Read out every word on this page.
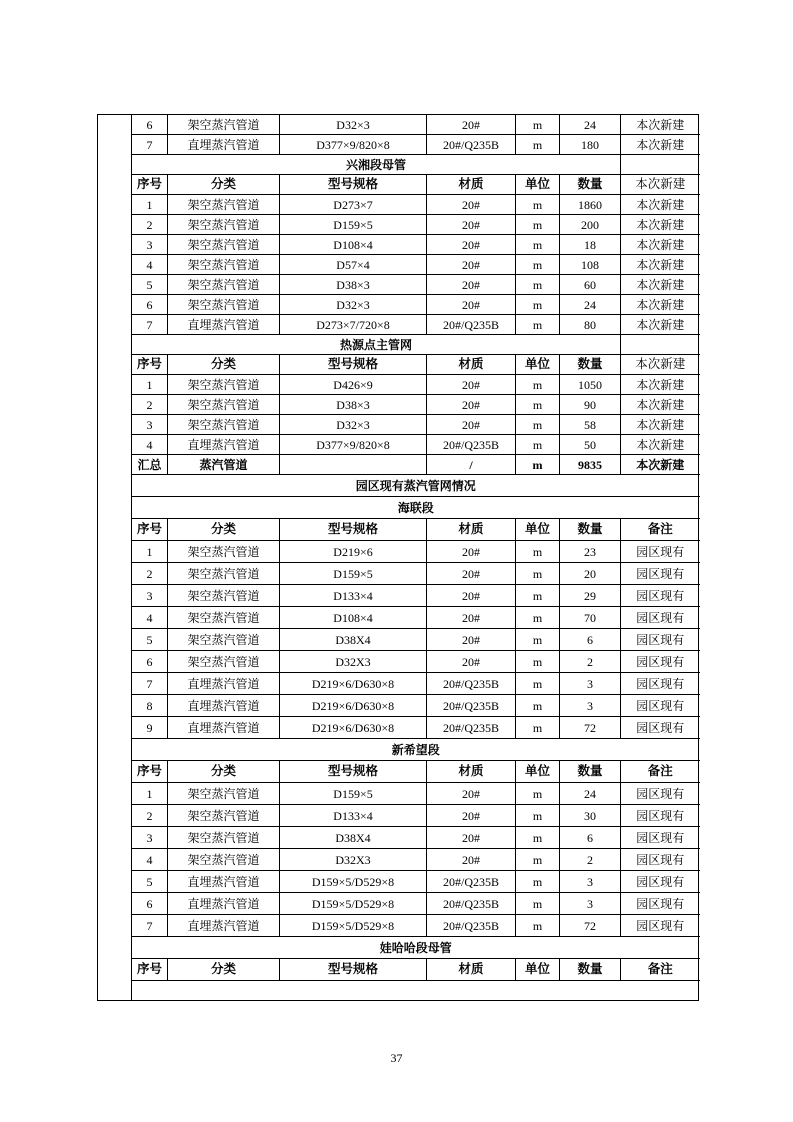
6	架空蒸汽管道	D32×3	20#	m	24	本次新建
7	直埋蒸汽管道	D377×9/820×8	20#/Q235B	m	180	本次新建
兴湘段母管						
序号	分类	型号规格	材质	单位	数量	本次新建
1	架空蒸汽管道	D273×7	20#	m	1860	本次新建
2	架空蒸汽管道	D159×5	20#	m	200	本次新建
3	架空蒸汽管道	D108×4	20#	m	18	本次新建
4	架空蒸汽管道	D57×4	20#	m	108	本次新建
5	架空蒸汽管道	D38×3	20#	m	60	本次新建
6	架空蒸汽管道	D32×3	20#	m	24	本次新建
7	直埋蒸汽管道	D273×7/720×8	20#/Q235B	m	80	本次新建
热源点主管网						
序号	分类	型号规格	材质	单位	数量	本次新建
1	架空蒸汽管道	D426×9	20#	m	1050	本次新建
2	架空蒸汽管道	D38×3	20#	m	90	本次新建
3	架空蒸汽管道	D32×3	20#	m	58	本次新建
4	直埋蒸汽管道	D377×9/820×8	20#/Q235B	m	50	本次新建
汇总	蒸汽管道		/	m	9835	本次新建
园区现有蒸汽管网情况						
海联段						
序号	分类	型号规格	材质	单位	数量	备注
1	架空蒸汽管道	D219×6	20#	m	23	园区现有
2	架空蒸汽管道	D159×5	20#	m	20	园区现有
3	架空蒸汽管道	D133×4	20#	m	29	园区现有
4	架空蒸汽管道	D108×4	20#	m	70	园区现有
5	架空蒸汽管道	D38X4	20#	m	6	园区现有
6	架空蒸汽管道	D32X3	20#	m	2	园区现有
7	直埋蒸汽管道	D219×6/D630×8	20#/Q235B	m	3	园区现有
8	直埋蒸汽管道	D219×6/D630×8	20#/Q235B	m	3	园区现有
9	直埋蒸汽管道	D219×6/D630×8	20#/Q235B	m	72	园区现有
新希望段						
序号	分类	型号规格	材质	单位	数量	备注
1	架空蒸汽管道	D159×5	20#	m	24	园区现有
2	架空蒸汽管道	D133×4	20#	m	30	园区现有
3	架空蒸汽管道	D38X4	20#	m	6	园区现有
4	架空蒸汽管道	D32X3	20#	m	2	园区现有
5	直埋蒸汽管道	D159×5/D529×8	20#/Q235B	m	3	园区现有
6	直埋蒸汽管道	D159×5/D529×8	20#/Q235B	m	3	园区现有
7	直埋蒸汽管道	D159×5/D529×8	20#/Q235B	m	72	园区现有
娃哈哈段母管						
序号	分类	型号规格	材质	单位	数量	备注
37
